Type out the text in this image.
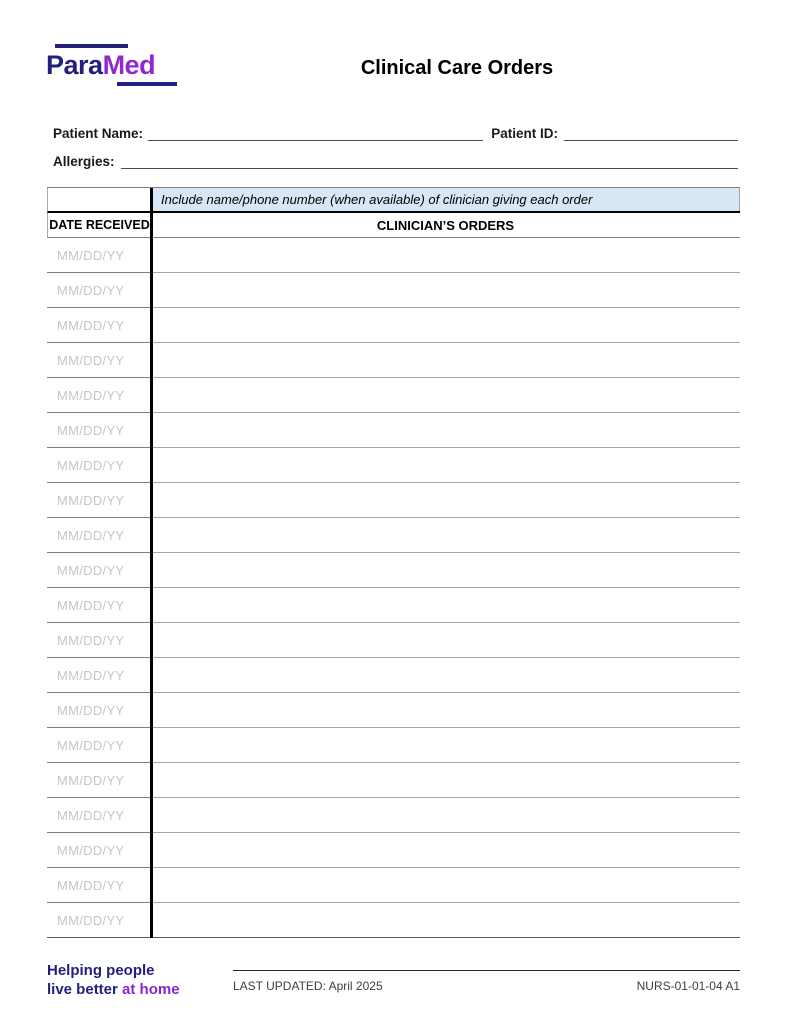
ParaMed	Clinical Care Orders
Patient Name:	Patient ID:
Allergies:
Include name/phone number (when available) of clinician giving each order
DATE RECEIVED	CLINICIAN’S ORDERS
MM/DD/YY
MM/DD/YY
MM/DD/YY
MM/DD/YY
MM/DD/YY
MM/DD/YY
MM/DD/YY
MM/DD/YY
MM/DD/YY
MM/DD/YY
MM/DD/YY
MM/DD/YY
MM/DD/YY
MM/DD/YY
MM/DD/YY
MM/DD/YY
MM/DD/YY
MM/DD/YY
MM/DD/YY
MM/DD/YY
Helping people
live better at home	LAST UPDATED: April 2025	NURS-01-01-04 A1
